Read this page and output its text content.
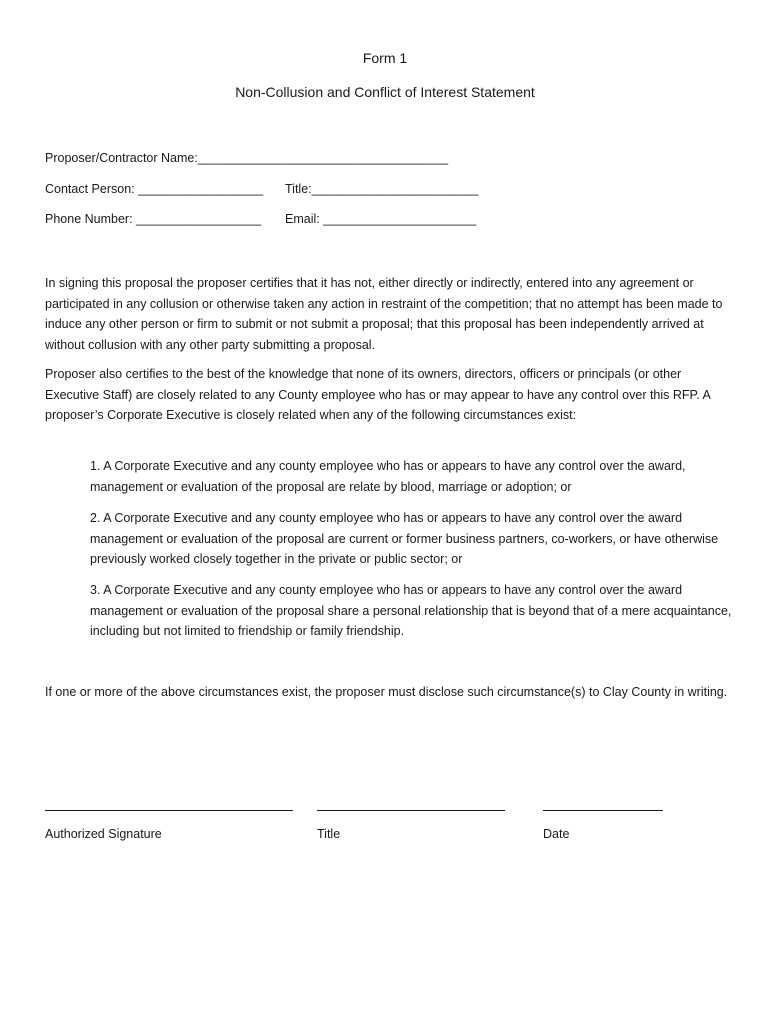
Form 1
Non-Collusion and Conflict of Interest Statement
Proposer/Contractor Name:____________________________________
Contact Person: __________________ Title:________________________
Phone Number: __________________ Email: ______________________
In signing this proposal the proposer certifies that it has not, either directly or indirectly, entered into any agreement or participated in any collusion or otherwise taken any action in restraint of the competition; that no attempt has been made to induce any other person or firm to submit or not submit a proposal; that this proposal has been independently arrived at without collusion with any other party submitting a proposal.
Proposer also certifies to the best of the knowledge that none of its owners, directors, officers or principals (or other Executive Staff) are closely related to any County employee who has or may appear to have any control over this RFP. A proposer’s Corporate Executive is closely related when any of the following circumstances exist:
1. A Corporate Executive and any county employee who has or appears to have any control over the award, management or evaluation of the proposal are relate by blood, marriage or adoption; or
2. A Corporate Executive and any county employee who has or appears to have any control over the award management or evaluation of the proposal are current or former business partners, co-workers, or have otherwise previously worked closely together in the private or public sector; or
3. A Corporate Executive and any county employee who has or appears to have any control over the award management or evaluation of the proposal share a personal relationship that is beyond that of a mere acquaintance, including but not limited to friendship or family friendship.
If one or more of the above circumstances exist, the proposer must disclose such circumstance(s) to Clay County in writing.
Authorized Signature	Title	Date
